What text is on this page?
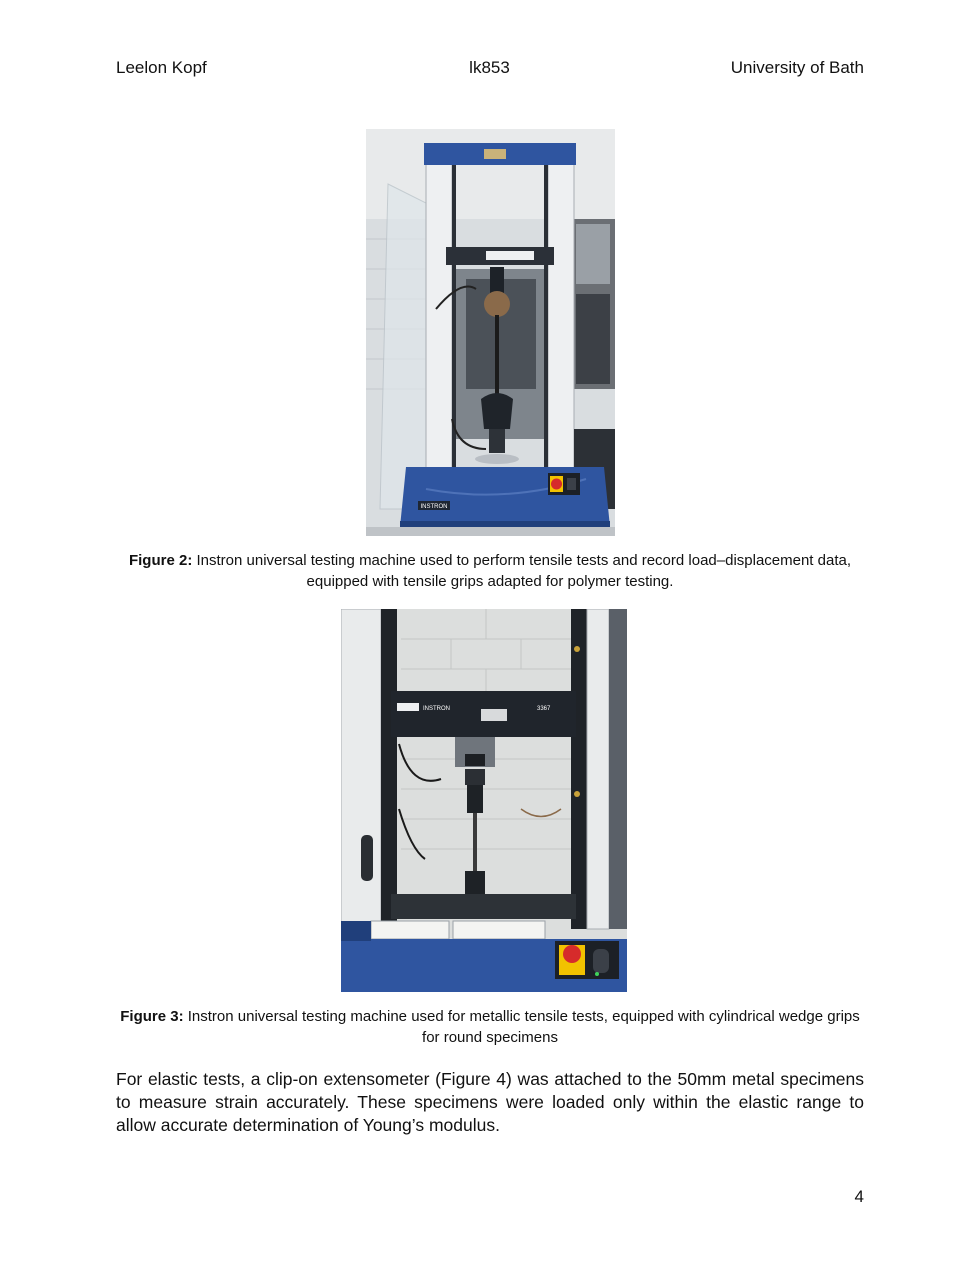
Leelon Kopf	lk853	University of Bath
INSTRON
Figure 2: Instron universal testing machine used to perform tensile tests and record load–displacement data, equipped with tensile grips adapted for polymer testing.
INSTRON	3367
Figure 3: Instron universal testing machine used for metallic tensile tests, equipped with cylindrical wedge grips for round specimens

For elastic tests, a clip-on extensometer (Figure 4) was attached to the 50mm metal specimens to measure strain accurately. These specimens were loaded only within the elastic range to allow accurate determination of Young’s modulus.

4
